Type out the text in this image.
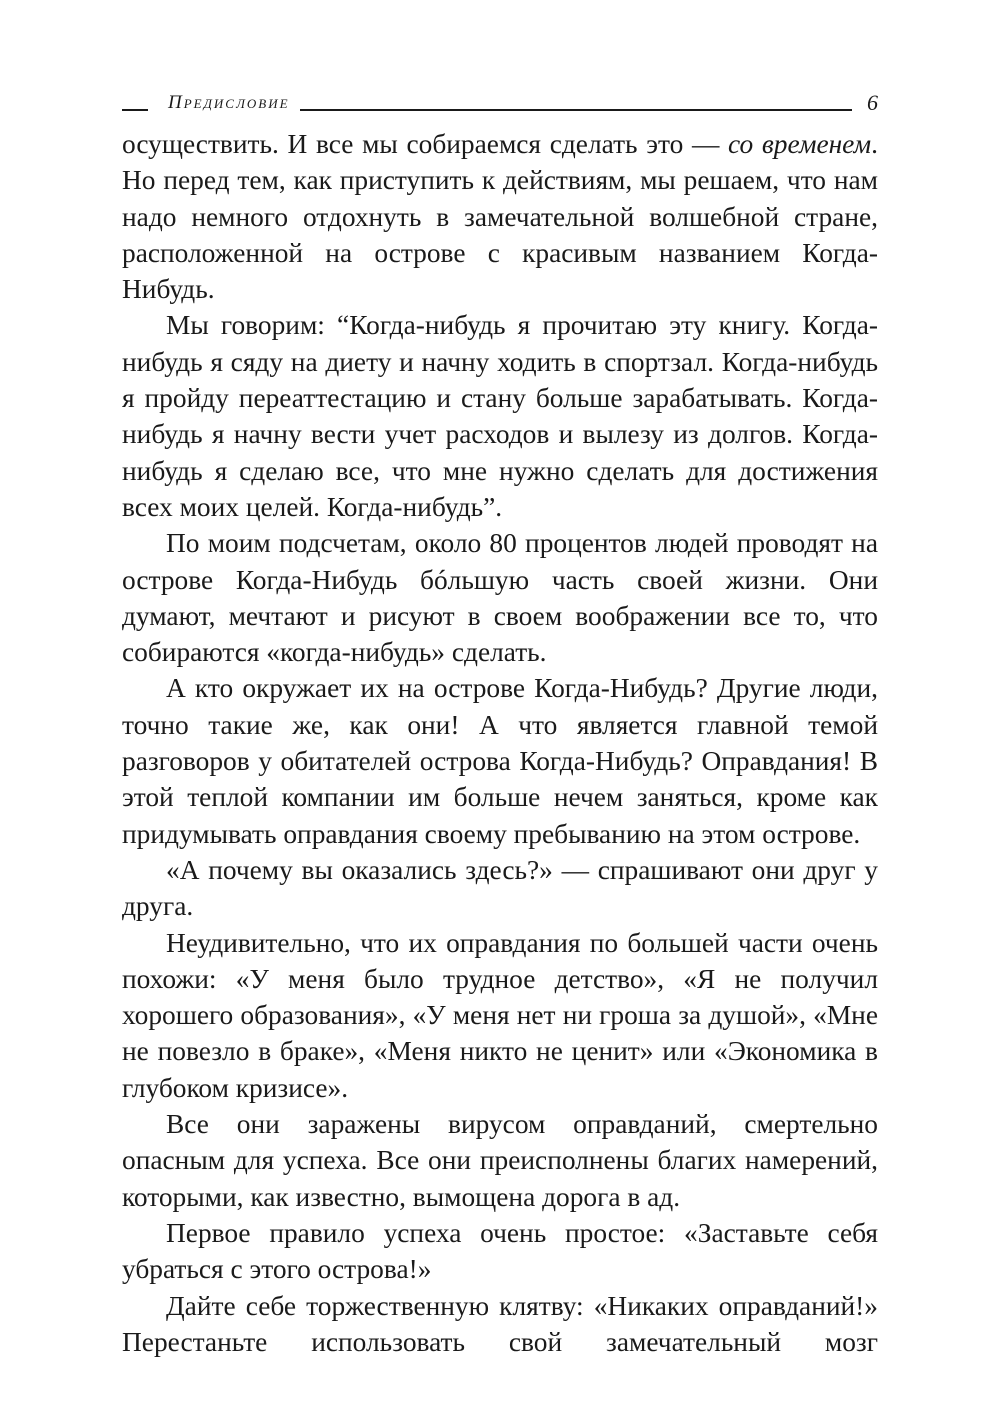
Предисловие	6

осуществить. И все мы собираемся сделать это — со временем. Но перед тем, как приступить к действиям, мы решаем, что нам надо немного отдохнуть в замечательной волшебной стране, расположенной на острове с красивым названием Когда-Нибудь.

Мы говорим: “Когда-нибудь я прочитаю эту книгу. Когда-нибудь я сяду на диету и начну ходить в спортзал. Когда-нибудь я пройду переаттестацию и стану больше зарабатывать. Когда-нибудь я начну вести учет расходов и вылезу из долгов. Когда-нибудь я сделаю все, что мне нужно сделать для достижения всех моих целей. Когда-нибудь”.

По моим подсчетам, около 80 процентов людей проводят на острове Когда-Нибудь бóльшую часть своей жизни. Они думают, мечтают и рисуют в своем воображении все то, что собираются «когда-нибудь» сделать.

А кто окружает их на острове Когда-Нибудь? Другие люди, точно такие же, как они! А что является главной темой разговоров у обитателей острова Когда-Нибудь? Оправдания! В этой теплой компании им больше нечем заняться, кроме как придумывать оправдания своему пребыванию на этом острове.

«А почему вы оказались здесь?» — спрашивают они друг у друга.

Неудивительно, что их оправдания по большей части очень похожи: «У меня было трудное детство», «Я не получил хорошего образования», «У меня нет ни гроша за душой», «Мне не повезло в браке», «Меня никто не ценит» или «Экономика в глубоком кризисе».

Все они заражены вирусом оправданий, смертельно опасным для успеха. Все они преисполнены благих намерений, которыми, как известно, вымощена дорога в ад.

Первое правило успеха очень простое: «Заставьте себя убраться с этого острова!»

Дайте себе торжественную клятву: «Никаких оправданий!» Перестаньте использовать свой замечательный мозг
